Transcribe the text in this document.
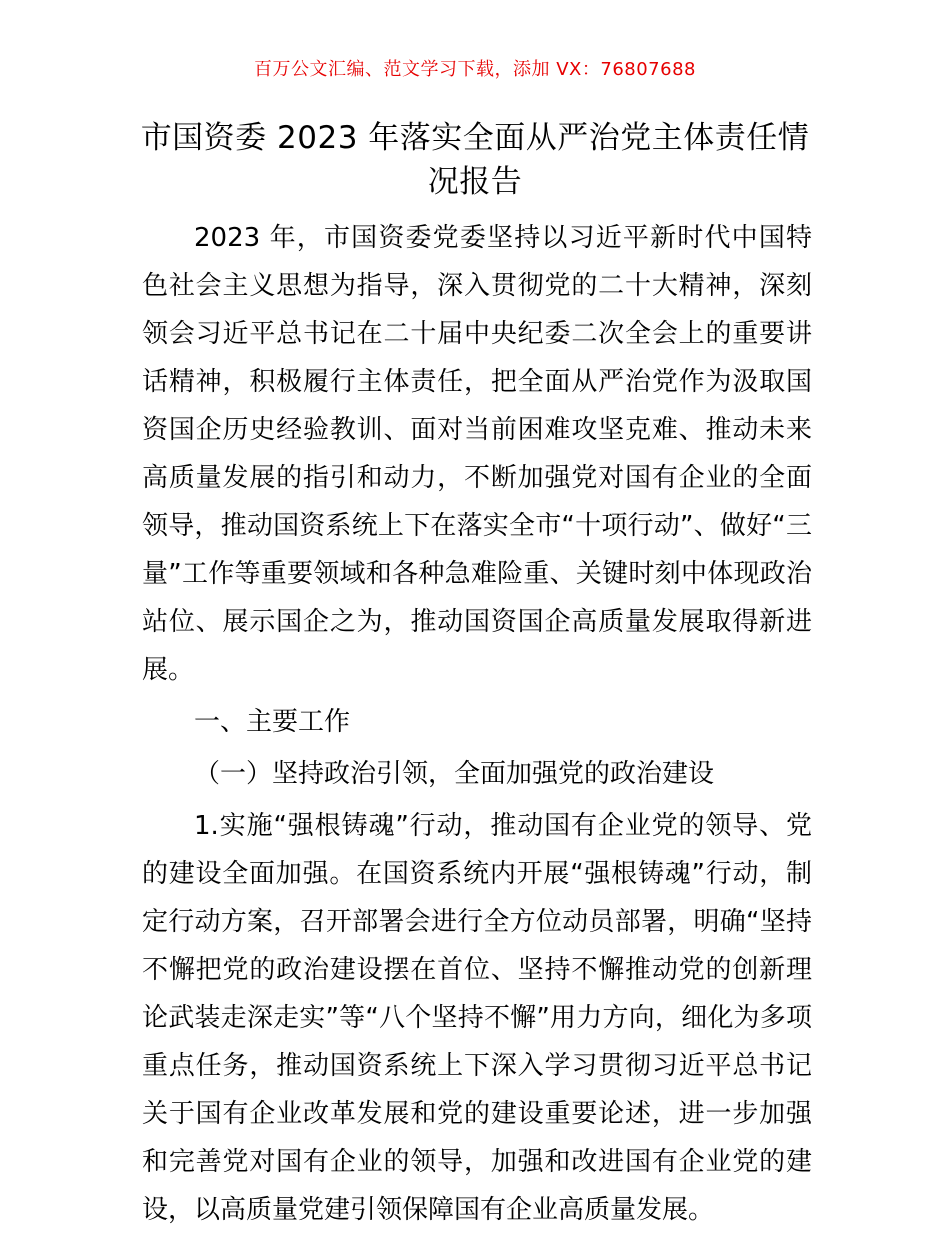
百万公文汇编、范文学习下载，添加 VX：76807688
市国资委 2023 年落实全面从严治党主体责任情
况报告

2023 年，市国资委党委坚持以习近平新时代中国特色社会主义思想为指导，深入贯彻党的二十大精神，深刻领会习近平总书记在二十届中央纪委二次全会上的重要讲话精神，积极履行主体责任，把全面从严治党作为汲取国资国企历史经验教训、面对当前困难攻坚克难、推动未来高质量发展的指引和动力，不断加强党对国有企业的全面领导，推动国资系统上下在落实全市“十项行动”、做好“三量”工作等重要领域和各种急难险重、关键时刻中体现政治站位、展示国企之为，推动国资国企高质量发展取得新进展。

一、主要工作

（一）坚持政治引领，全面加强党的政治建设

1.实施“强根铸魂”行动，推动国有企业党的领导、党的建设全面加强。在国资系统内开展“强根铸魂”行动，制定行动方案，召开部署会进行全方位动员部署，明确“坚持不懈把党的政治建设摆在首位、坚持不懈推动党的创新理论武装走深走实”等“八个坚持不懈”用力方向，细化为多项重点任务，推动国资系统上下深入学习贯彻习近平总书记关于国有企业改革发展和党的建设重要论述，进一步加强和完善党对国有企业的领导，加强和改进国有企业党的建设，以高质量党建引领保障国有企业高质量发展。
